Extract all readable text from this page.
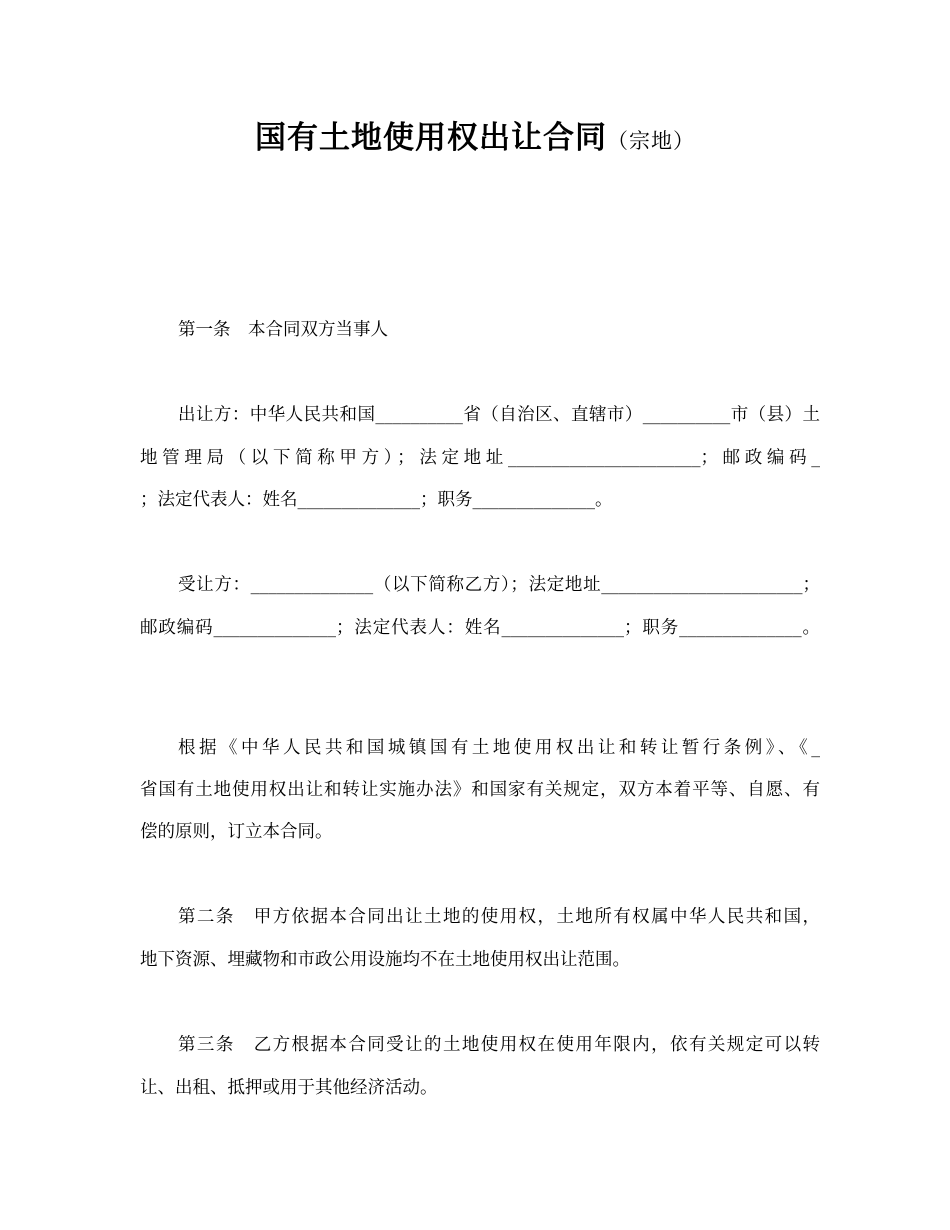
国有土地使用权出让合同（宗地）
第一条　本合同双方当事人
出让方：中华人民共和国__________省（自治区、直辖市）__________市（县）土
地管理局（以下简称甲方）；法定地址______________________；邮政编码_
；法定代表人：姓名______________；职务______________。
受让方：______________（以下简称乙方）；法定地址_______________________；
邮政编码______________；法定代表人：姓名______________；职务______________。
根据《中华人民共和国城镇国有土地使用权出让和转让暂行条例》、《_
省国有土地使用权出让和转让实施办法》和国家有关规定，双方本着平等、自愿、有
偿的原则，订立本合同。
第二条　甲方依据本合同出让土地的使用权，土地所有权属中华人民共和国，
地下资源、埋藏物和市政公用设施均不在土地使用权出让范围。
第三条　乙方根据本合同受让的土地使用权在使用年限内，依有关规定可以转
让、出租、抵押或用于其他经济活动。
